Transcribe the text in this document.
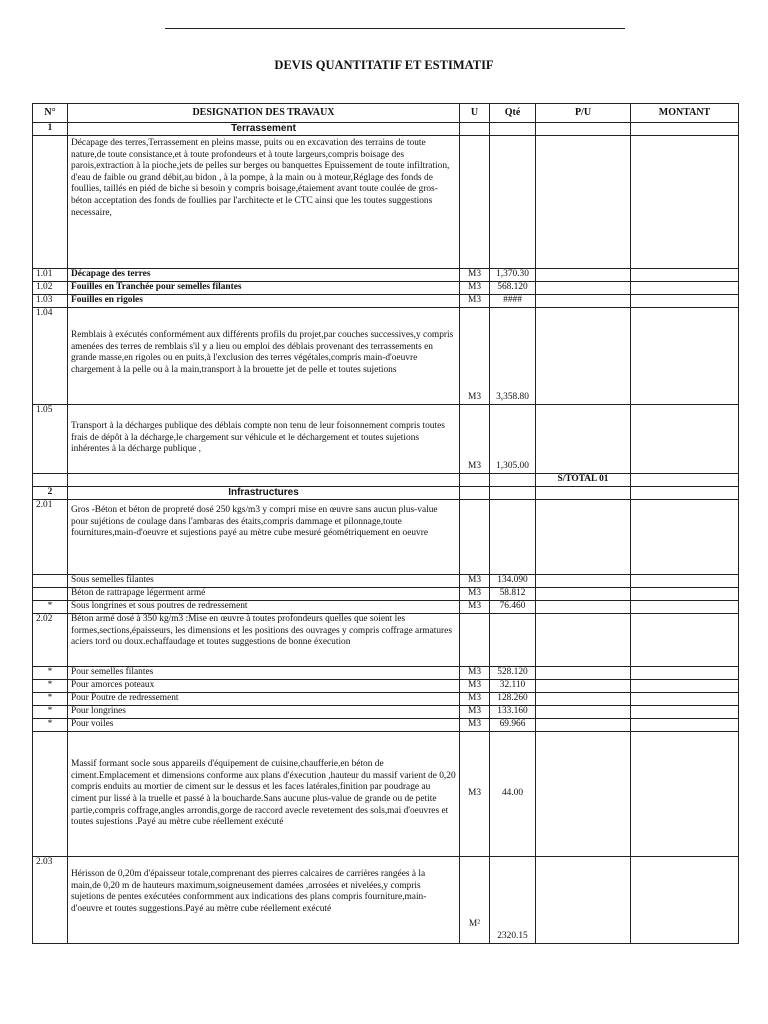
DEVIS QUANTITATIF ET ESTIMATIF
N°	DESIGNATION DES TRAVAUX	U	Qté	P/U	MONTANT
1	Terrassement				
	Décapage des terres,Terrassement en pleins masse, puits ou en excavation des terrains de toute nature,de toute consistance,et à toute profondeurs et à toute largeurs,compris boisage des parois,extraction à la pioche,jets de pelles sur berges ou banquettes Epuissement de toute infiltration, d'eau de faible ou grand débit,au bidon , à la pompe, à la main ou à moteur,Réglage des fonds de foullies, taillés en piéd de biche si besoin y compris boisage,étaiement avant toute coulée de gros-béton acceptation des fonds de foullies par l'architecte et le CTC ainsi que les toutes suggestions necessaire,				
1.01	Décapage des terres	M3	1,370.30		
1.02	Fouilles en Tranchée pour semelles filantes	M3	568.120		
1.03	Fouilles en rigoles	M3	####		
1.04	Remblais à exécutés conformément aux différents profils du projet,par couches successives,y compris amenées des terres de remblais s'il y a lieu ou emploi des déblais provenant des terrassements en grande masse,en rigoles ou en puits,à l'exclusion des terres végétales,compris main-d'oeuvre chargement à la pelle ou à la main,transport à la brouette jet de pelle et toutes sujetions	M3	3,358.80		
1.05	Transport à la décharges publique des déblais compte non tenu de leur foisonnement compris toutes frais de dépôt à la décharge,le chargement sur véhicule et le déchargement et toutes sujetions inhérentes à la décharge publique ,	M3	1,305.00		
				S/TOTAL 01	
2	Infrastructures				
2.01	Gros -Béton et béton de propreté dosé 250 kgs/m3 y compri mise en œuvre sans aucun plus-value pour sujétions de coulage dans l'ambaras des étaits,compris dammage et pilonnage,toute fournitures,main-d'oeuvre et sujestions payé au mètre cube mesuré géométriquement en oeuvre				
	Sous semelles filantes	M3	134.090		
	Béton de rattrapage légerment armé	M3	58.812		
*	Sous longrines et sous poutres de redressement	M3	76.460		
2.02	Béton armé dosé à 350 kg/m3 :Mise en œuvre à toutes profondeurs quelles que soient les formes,sections,épaisseurs, les dimensions et les positions des ouvrages y compris coffrage armatures aciers tord ou doux.echaffaudage et toutes suggestions de bonne éxecution				
*	Pour semelles filantes	M3	528.120		
*	Pour amorces poteaux	M3	32.110		
*	Pour Poutre de redressement	M3	128.260		
*	Pour longrines	M3	133.160		
*	Pour voiles	M3	69.966		
	Massif formant socle sous appareils d'équipement de cuisine,chaufferie,en béton de ciment.Emplacement et dimensions conforme aux plans d'éxecution ,hauteur du massif varient de 0,20 compris enduits au mortier de ciment sur le dessus et les faces latérales,finition par poudrage au ciment pur lissé à la truelle et passé à la boucharde.Sans aucune plus-value de grande ou de petite partie,compris coffrage,angles arrondis,gorge de raccord avecle revetement des sols,mai d'oeuvres et toutes sujestions .Payé au mètre cube réellement exécuté	M3	44.00		
2.03	Hérisson de 0,20m d'épaisseur totale,comprenant des pierres calcaires de carrières rangées à la main,de 0,20 m de hauteurs maximum,soigneusement damées ,arrosées et nivelées,y compris sujetions de pentes exécutées conformment aux indications des plans compris fourniture,main-d'oeuvre et toutes suggestions.Payé au mètre cube réellement exécuté	M²	2320.15		
